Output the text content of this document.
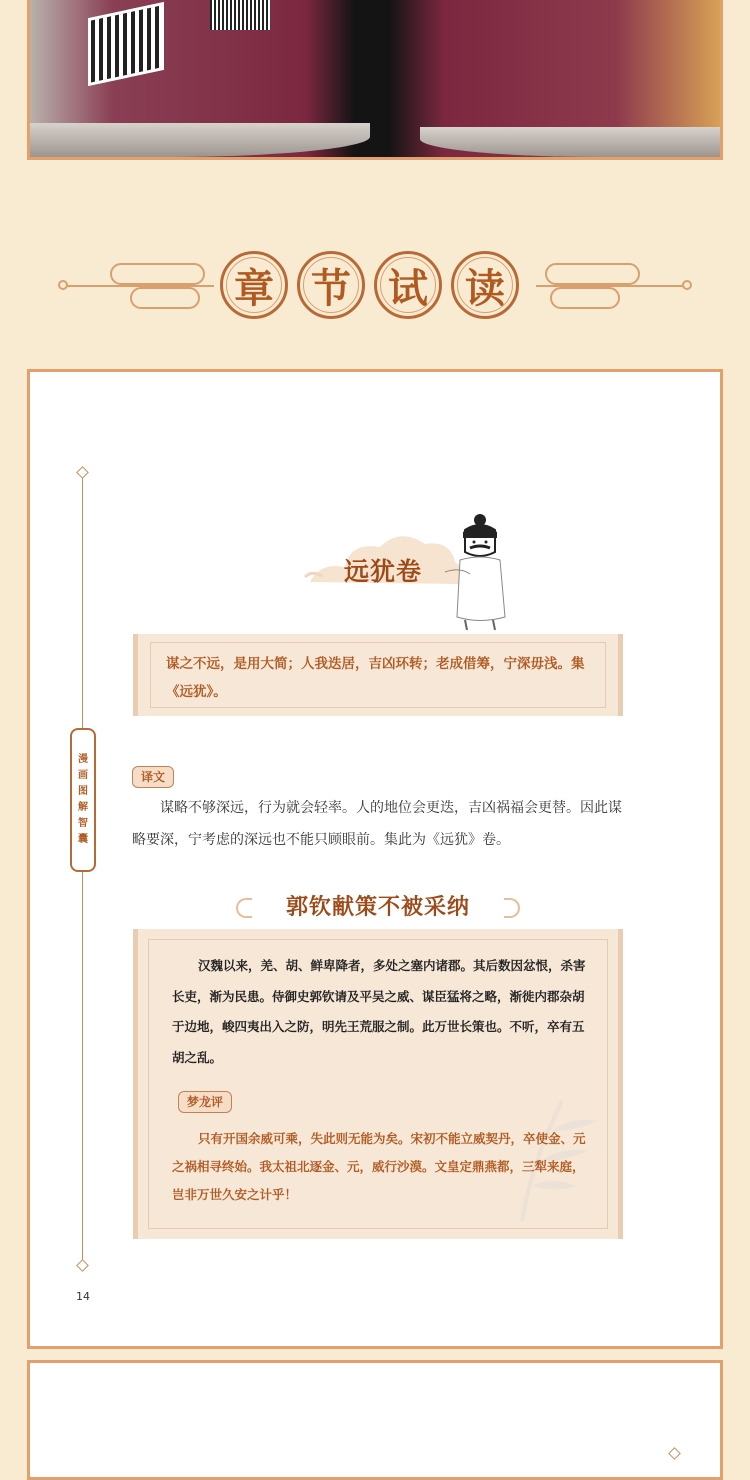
章 节 试 读
漫
画
图
解
智
囊
远犹卷
谋之不远，是用大简；人我迭居，吉凶环转；老成借筹，宁深毋浅。集《远犹》。
译文
谋略不够深远，行为就会轻率。人的地位会更迭，吉凶祸福会更替。因此谋略要深，宁考虑的深远也不能只顾眼前。集此为《远犹》卷。
郭钦献策不被采纳
汉魏以来，羌、胡、鲜卑降者，多处之塞内诸郡。其后数因忿恨，杀害长吏，渐为民患。侍御史郭钦请及平吴之威、谋臣猛将之略，渐徙内郡杂胡于边地，峻四夷出入之防，明先王荒服之制。此万世长策也。不听，卒有五胡之乱。
梦龙评
只有开国余威可乘，失此则无能为矣。宋初不能立威契丹，卒使金、元之祸相寻终始。我太祖北逐金、元，威行沙漠。文皇定鼎燕都，三犁来庭，岂非万世久安之计乎！
14
